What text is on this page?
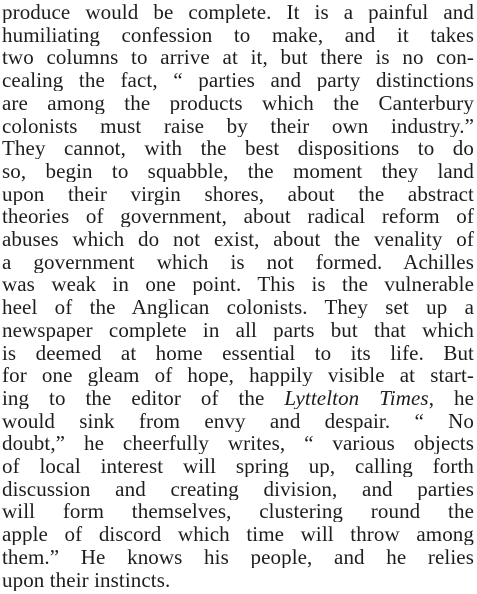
produce would be complete. It is a painful and
humiliating confession to make, and it takes
two columns to arrive at it, but there is no con-
cealing the fact, “ parties and party distinctions
are among the products which the Canterbury
colonists must raise by their own industry.”
They cannot, with the best dispositions to do
so, begin to squabble, the moment they land
upon their virgin shores, about the abstract
theories of government, about radical reform of
abuses which do not exist, about the venality of
a government which is not formed. Achilles
was weak in one point. This is the vulnerable
heel of the Anglican colonists. They set up a
newspaper complete in all parts but that which
is deemed at home essential to its life. But
for one gleam of hope, happily visible at start-
ing to the editor of the Lyttelton Times, he
would sink from envy and despair. “ No
doubt,” he cheerfully writes, “ various objects
of local interest will spring up, calling forth
discussion and creating division, and parties
will form themselves, clustering round the
apple of discord which time will throw among
them.” He knows his people, and he relies
upon their instincts.
